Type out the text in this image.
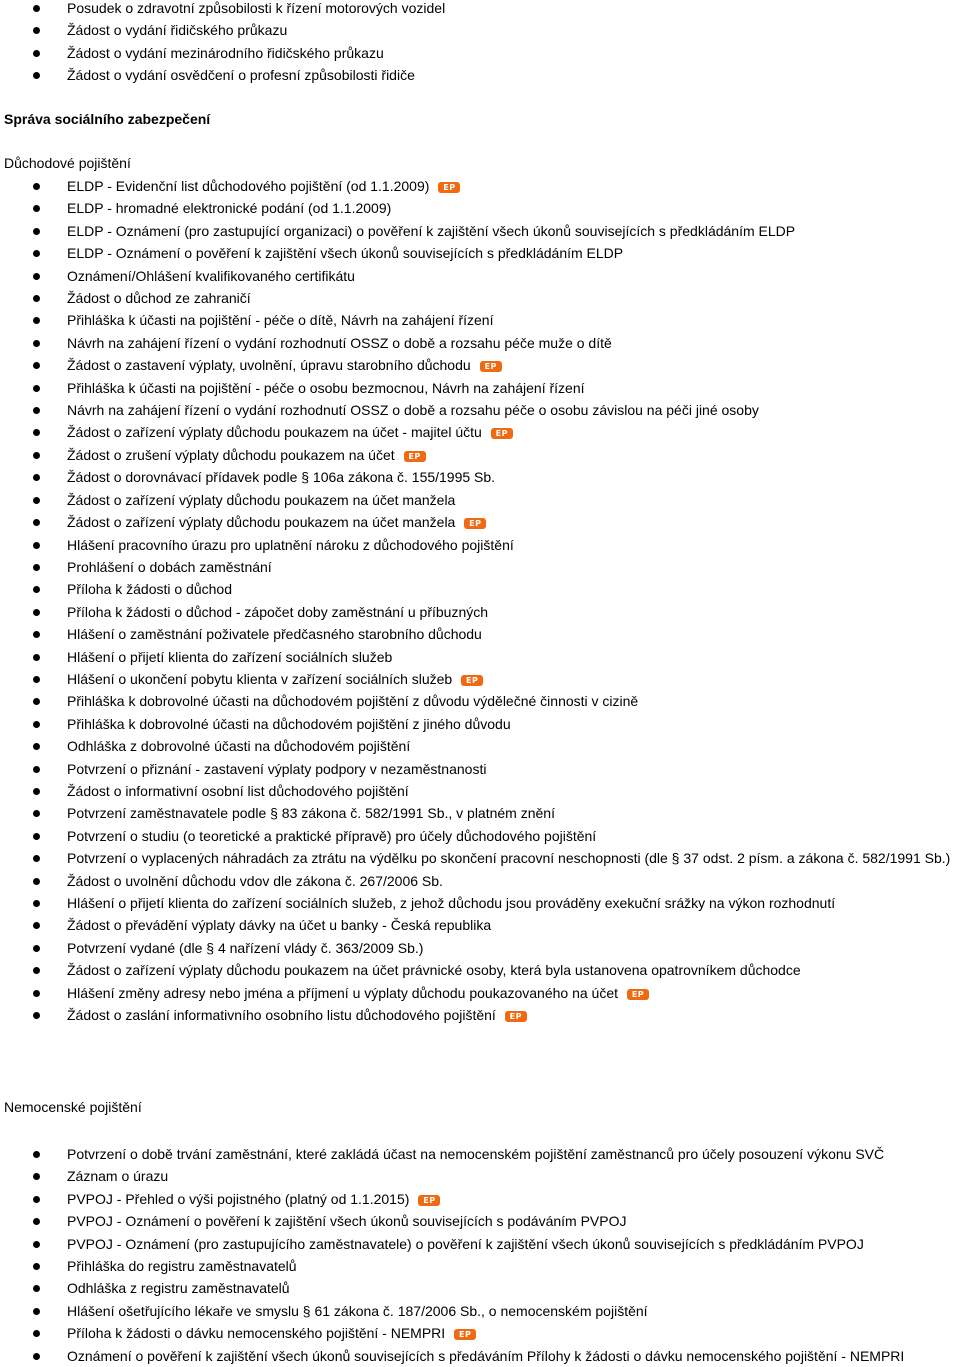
Posudek o zdravotní způsobilosti k řízení motorových vozidel
Žádost o vydání řidičského průkazu
Žádost o vydání mezinárodního řidičského průkazu
Žádost o vydání osvědčení o profesní způsobilosti řidiče
Správa sociálního zabezpečení
Důchodové pojištění
ELDP - Evidenční list důchodového pojištění (od 1.1.2009) EP
ELDP - hromadné elektronické podání (od 1.1.2009)
ELDP - Oznámení (pro zastupující organizaci) o pověření k zajištění všech úkonů souvisejících s předkládáním ELDP
ELDP - Oznámení o pověření k zajištění všech úkonů souvisejících s předkládáním ELDP
Oznámení/Ohlášení kvalifikovaného certifikátu
Žádost o důchod ze zahraničí
Přihláška k účasti na pojištění - péče o dítě, Návrh na zahájení řízení
Návrh na zahájení řízení o vydání rozhodnutí OSSZ o době a rozsahu péče muže o dítě
Žádost o zastavení výplaty, uvolnění, úpravu starobního důchodu EP
Přihláška k účasti na pojištění - péče o osobu bezmocnou, Návrh na zahájení řízení
Návrh na zahájení řízení o vydání rozhodnutí OSSZ o době a rozsahu péče o osobu závislou na péči jiné osoby
Žádost o zařízení výplaty důchodu poukazem na účet - majitel účtu EP
Žádost o zrušení výplaty důchodu poukazem na účet EP
Žádost o dorovnávací přídavek podle § 106a zákona č. 155/1995 Sb.
Žádost o zařízení výplaty důchodu poukazem na účet manžela
Žádost o zařízení výplaty důchodu poukazem na účet manžela EP
Hlášení pracovního úrazu pro uplatnění nároku z důchodového pojištění
Prohlášení o dobách zaměstnání
Příloha k žádosti o důchod
Příloha k žádosti o důchod - zápočet doby zaměstnání u příbuzných
Hlášení o zaměstnání poživatele předčasného starobního důchodu
Hlášení o přijetí klienta do zařízení sociálních služeb
Hlášení o ukončení pobytu klienta v zařízení sociálních služeb EP
Přihláška k dobrovolné účasti na důchodovém pojištění z důvodu výdělečné činnosti v cizině
Přihláška k dobrovolné účasti na důchodovém pojištění z jiného důvodu
Odhláška z dobrovolné účasti na důchodovém pojištění
Potvrzení o přiznání - zastavení výplaty podpory v nezaměstnanosti
Žádost o informativní osobní list důchodového pojištění
Potvrzení zaměstnavatele podle § 83 zákona č. 582/1991 Sb., v platném znění
Potvrzení o studiu (o teoretické a praktické přípravě) pro účely důchodového pojištění
Potvrzení o vyplacených náhradách za ztrátu na výdělku po skončení pracovní neschopnosti (dle § 37 odst. 2 písm. a zákona č. 582/1991 Sb.)
Žádost o uvolnění důchodu vdov dle zákona č. 267/2006 Sb.
Hlášení o přijetí klienta do zařízení sociálních služeb, z jehož důchodu jsou prováděny exekuční srážky na výkon rozhodnutí
Žádost o převádění výplaty dávky na účet u banky - Česká republika
Potvrzení vydané (dle § 4 nařízení vlády č. 363/2009 Sb.)
Žádost o zařízení výplaty důchodu poukazem na účet právnické osoby, která byla ustanovena opatrovníkem důchodce
Hlášení změny adresy nebo jména a příjmení u výplaty důchodu poukazovaného na účet EP
Žádost o zaslání informativního osobního listu důchodového pojištění EP
Nemocenské pojištění
Potvrzení o době trvání zaměstnání, které zakládá účast na nemocenském pojištění zaměstnanců pro účely posouzení výkonu SVČ
Záznam o úrazu
PVPOJ - Přehled o výši pojistného (platný od 1.1.2015) EP
PVPOJ - Oznámení o pověření k zajištění všech úkonů souvisejících s podáváním PVPOJ
PVPOJ - Oznámení (pro zastupujícího zaměstnavatele) o pověření k zajištění všech úkonů souvisejících s předkládáním PVPOJ
Přihláška do registru zaměstnavatelů
Odhláška z registru zaměstnavatelů
Hlášení ošetřujícího lékaře ve smyslu § 61 zákona č. 187/2006 Sb., o nemocenském pojištění
Příloha k žádosti o dávku nemocenského pojištění - NEMPRI EP
Oznámení o pověření k zajištění všech úkonů souvisejících s předáváním Přílohy k žádosti o dávku nemocenského pojištění - NEMPRI
